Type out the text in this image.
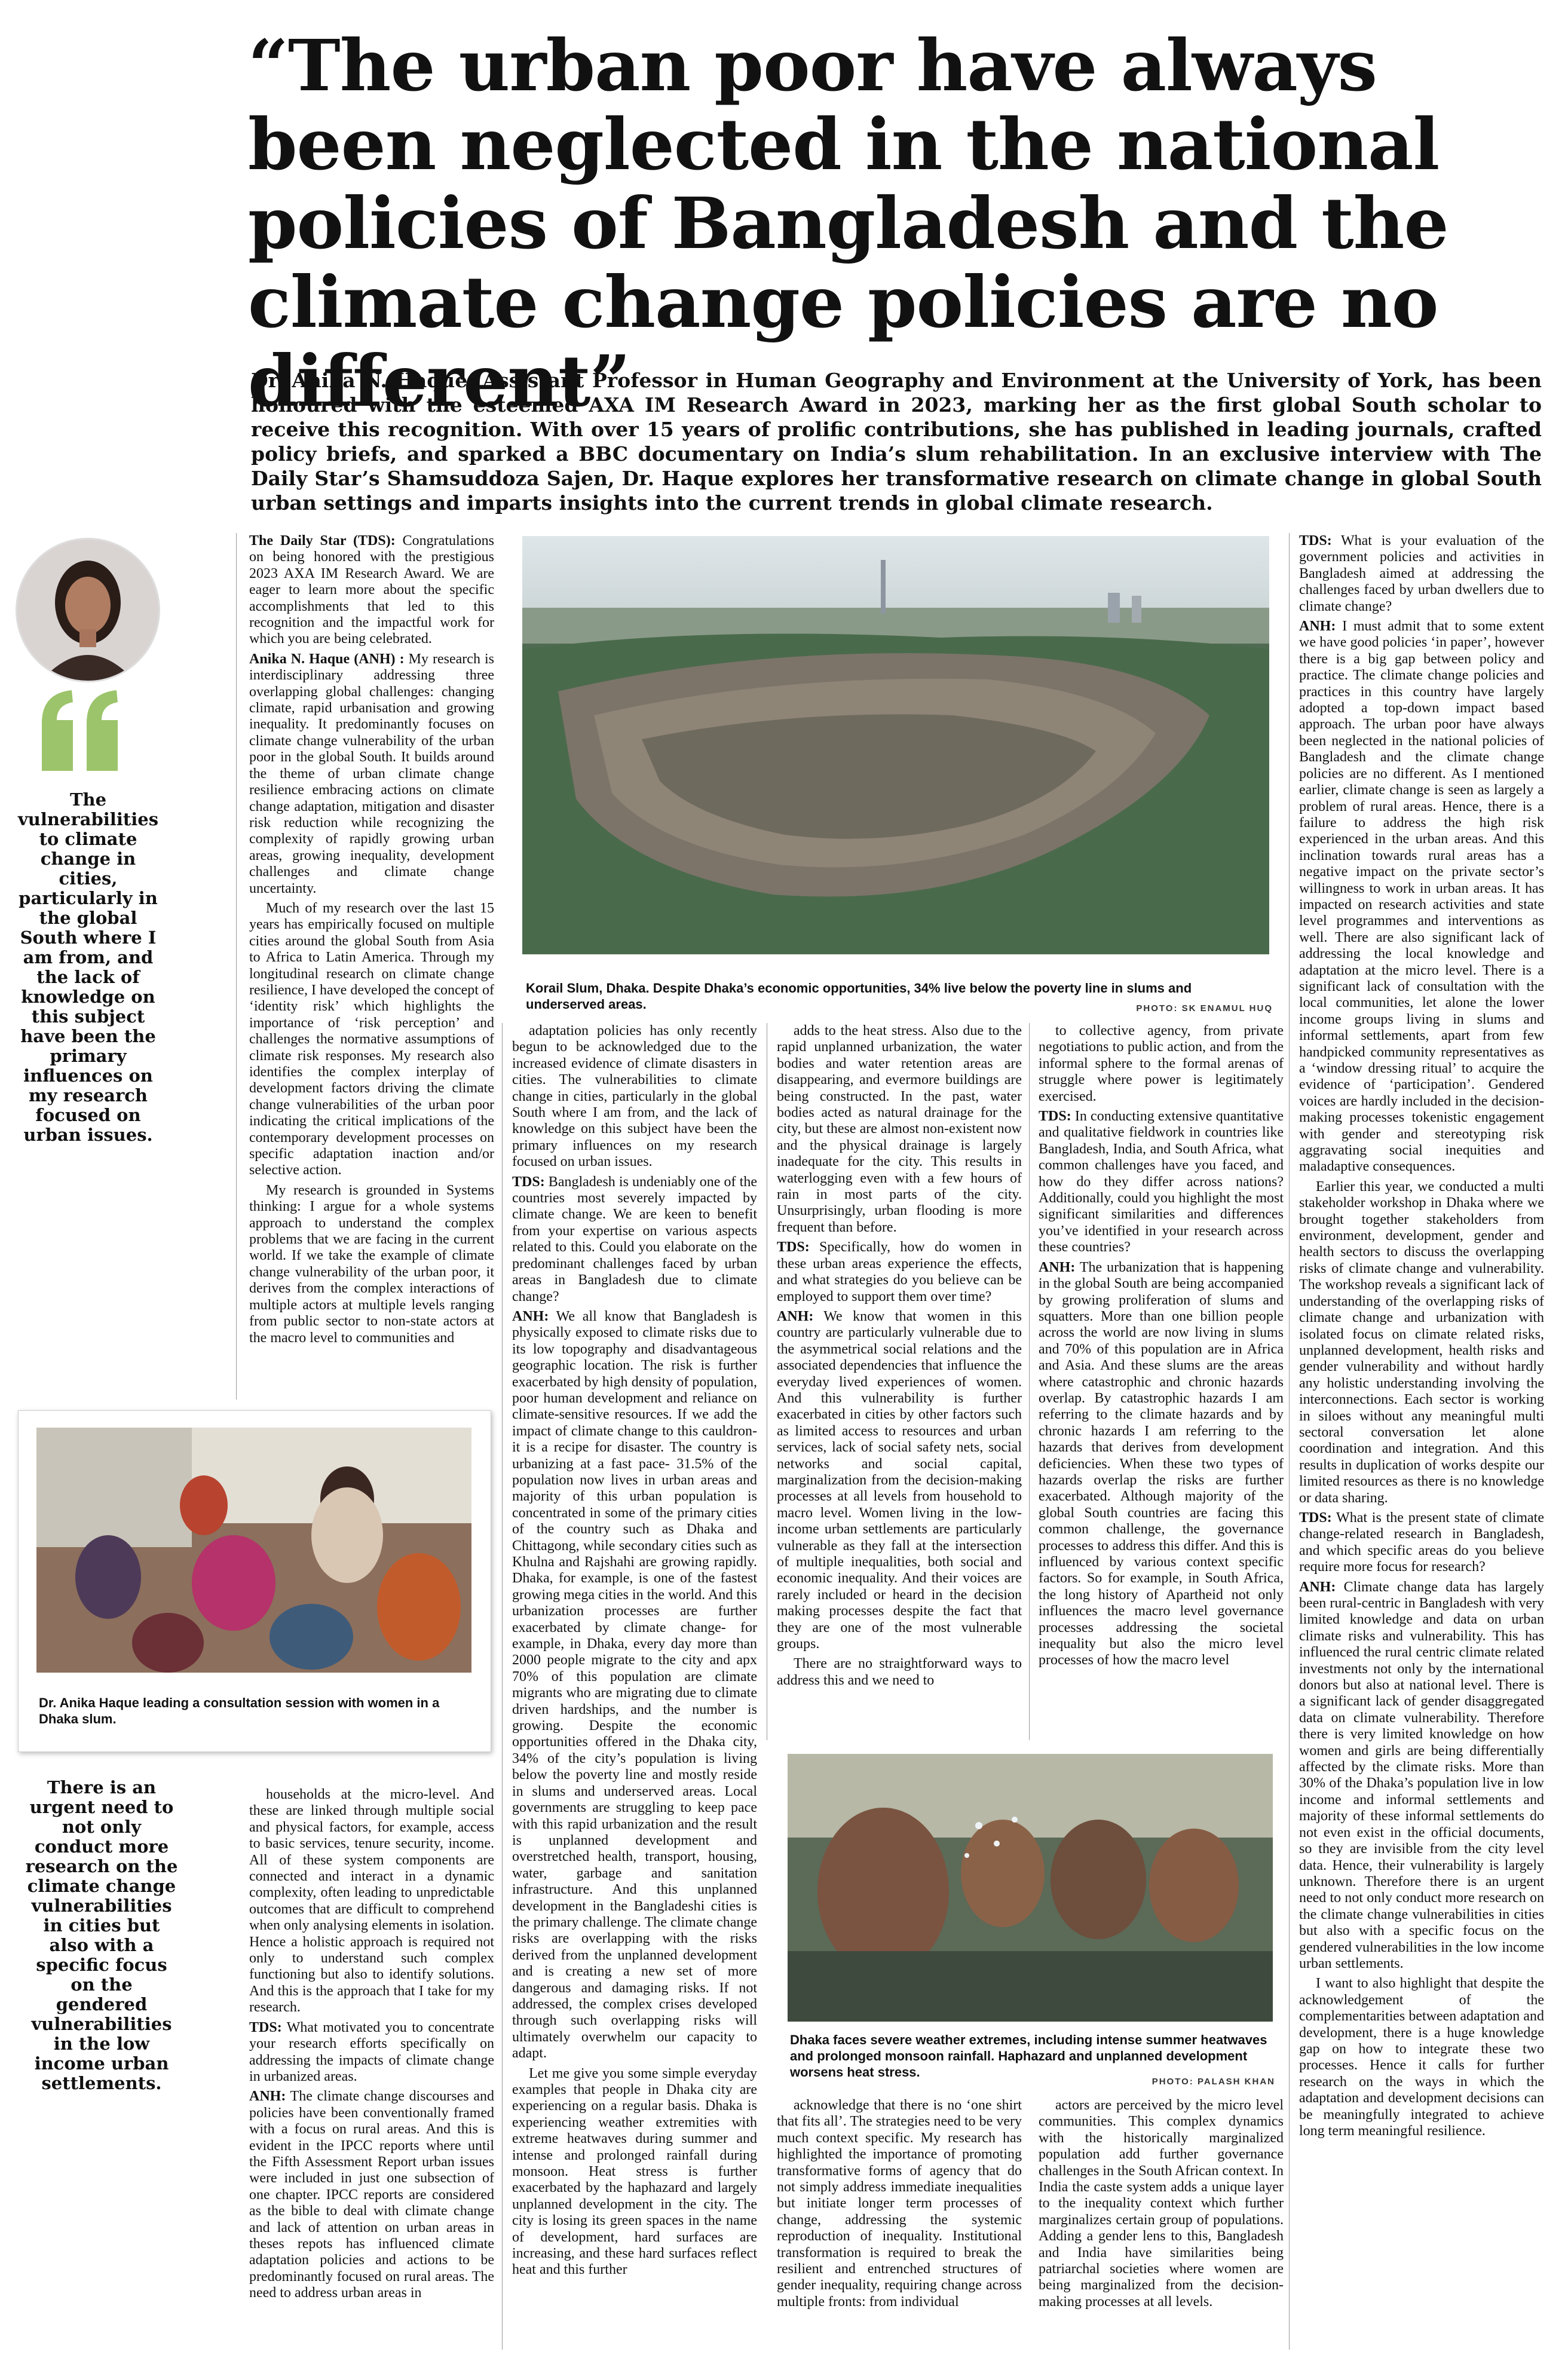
“The urban poor have always been neglected in the national policies of Bangladesh and the climate change policies are no different”
Dr. Anika N. Haque, Assistant Professor in Human Geography and Environment at the University of York, has been honoured with the esteemed AXA IM Research Award in 2023, marking her as the first global South scholar to receive this recognition. With over 15 years of prolific contributions, she has published in leading journals, crafted policy briefs, and sparked a BBC documentary on India’s slum rehabilitation. In an exclusive interview with The Daily Star’s Shamsuddoza Sajen, Dr. Haque explores her transformative research on climate change in global South urban settings and imparts insights into the current trends in global climate research.
The vulnerabilities to climate change in cities, particularly in the global South where I am from, and the lack of knowledge on this subject have been the primary influences on my research focused on urban issues.

The Daily Star (TDS): Congratulations on being honored with the prestigious 2023 AXA IM Research Award. We are eager to learn more about the specific accomplishments that led to this recognition and the impactful work for which you are being celebrated.

Anika N. Haque (ANH) : My research is interdisciplinary addressing three overlapping global challenges: changing climate, rapid urbanisation and growing inequality. It predominantly focuses on climate change vulnerability of the urban poor in the global South. It builds around the theme of urban climate change resilience embracing actions on climate change adaptation, mitigation and disaster risk reduction while recognizing the complexity of rapidly growing urban areas, growing inequality, development challenges and climate change uncertainty.

Much of my research over the last 15 years has empirically focused on multiple cities around the global South from Asia to Africa to Latin America. Through my longitudinal research on climate change resilience, I have developed the concept of ‘identity risk’ which highlights the importance of ‘risk perception’ and challenges the normative assumptions of climate risk responses. My research also identifies the complex interplay of development factors driving the climate change vulnerabilities of the urban poor indicating the critical implications of the contemporary development processes on specific adaptation inaction and/or selective action.

My research is grounded in Systems thinking: I argue for a whole systems approach to understand the complex problems that we are facing in the current world. If we take the example of climate change vulnerability of the urban poor, it derives from the complex interactions of multiple actors at multiple levels ranging from public sector to non-state actors at the macro level to communities and

Korail Slum, Dhaka. Despite Dhaka’s economic opportunities, 34% live below the poverty line in slums and underserved areas.	PHOTO: SK ENAMUL HUQ
Dr. Anika Haque leading a consultation session with women in a Dhaka slum.
There is an urgent need to not only conduct more research on the climate change vulnerabilities in cities but also with a specific focus on the gendered vulnerabilities in the low income urban settlements.

households at the micro-level. And these are linked through multiple social and physical factors, for example, access to basic services, tenure security, income. All of these system components are connected and interact in a dynamic complexity, often leading to unpredictable outcomes that are difficult to comprehend when only analysing elements in isolation. Hence a holistic approach is required not only to understand such complex functioning but also to identify solutions. And this is the approach that I take for my research.

TDS: What motivated you to concentrate your research efforts specifically on addressing the impacts of climate change in urbanized areas.

ANH: The climate change discourses and policies have been conventionally framed with a focus on rural areas. And this is evident in the IPCC reports where until the Fifth Assessment Report urban issues were included in just one subsection of one chapter. IPCC reports are considered as the bible to deal with climate change and lack of attention on urban areas in theses repots has influenced climate adaptation policies and actions to be predominantly focused on rural areas. The need to address urban areas in

adaptation policies has only recently begun to be acknowledged due to the increased evidence of climate disasters in cities. The vulnerabilities to climate change in cities, particularly in the global South where I am from, and the lack of knowledge on this subject have been the primary influences on my research focused on urban issues.

TDS: Bangladesh is undeniably one of the countries most severely impacted by climate change. We are keen to benefit from your expertise on various aspects related to this. Could you elaborate on the predominant challenges faced by urban areas in Bangladesh due to climate change?

ANH: We all know that Bangladesh is physically exposed to climate risks due to its low topography and disadvantageous geographic location. The risk is further exacerbated by high density of population, poor human development and reliance on climate-sensitive resources. If we add the impact of climate change to this cauldron- it is a recipe for disaster. The country is urbanizing at a fast pace- 31.5% of the population now lives in urban areas and majority of this urban population is concentrated in some of the primary cities of the country such as Dhaka and Chittagong, while secondary cities such as Khulna and Rajshahi are growing rapidly. Dhaka, for example, is one of the fastest growing mega cities in the world. And this urbanization processes are further exacerbated by climate change- for example, in Dhaka, every day more than 2000 people migrate to the city and apx 70% of this population are climate migrants who are migrating due to climate driven hardships, and the number is growing. Despite the economic opportunities offered in the Dhaka city, 34% of the city’s population is living below the poverty line and mostly reside in slums and underserved areas. Local governments are struggling to keep pace with this rapid urbanization and the result is unplanned development and overstretched health, transport, housing, water, garbage and sanitation infrastructure. And this unplanned development in the Bangladeshi cities is the primary challenge. The climate change risks are overlapping with the risks derived from the unplanned development and is creating a new set of more dangerous and damaging risks. If not addressed, the complex crises developed through such overlapping risks will ultimately overwhelm our capacity to adapt.

Let me give you some simple everyday examples that people in Dhaka city are experiencing on a regular basis. Dhaka is experiencing weather extremities with extreme heatwaves during summer and intense and prolonged rainfall during monsoon. Heat stress is further exacerbated by the haphazard and largely unplanned development in the city. The city is losing its green spaces in the name of development, hard surfaces are increasing, and these hard surfaces reflect heat and this further

adds to the heat stress. Also due to the rapid unplanned urbanization, the water bodies and water retention areas are disappearing, and evermore buildings are being constructed. In the past, water bodies acted as natural drainage for the city, but these are almost non-existent now and the physical drainage is largely inadequate for the city. This results in waterlogging even with a few hours of rain in most parts of the city. Unsurprisingly, urban flooding is more frequent than before.

TDS: Specifically, how do women in these urban areas experience the effects, and what strategies do you believe can be employed to support them over time?

ANH: We know that women in this country are particularly vulnerable due to the asymmetrical social relations and the associated dependencies that influence the everyday lived experiences of women. And this vulnerability is further exacerbated in cities by other factors such as limited access to resources and urban services, lack of social safety nets, social networks and social capital, marginalization from the decision-making processes at all levels from household to macro level. Women living in the low-income urban settlements are particularly vulnerable as they fall at the intersection of multiple inequalities, both social and economic inequality. And their voices are rarely included or heard in the decision making processes despite the fact that they are one of the most vulnerable groups.

There are no straightforward ways to address this and we need to

to collective agency, from private negotiations to public action, and from the informal sphere to the formal arenas of struggle where power is legitimately exercised.

TDS: In conducting extensive quantitative and qualitative fieldwork in countries like Bangladesh, India, and South Africa, what common challenges have you faced, and how do they differ across nations? Additionally, could you highlight the most significant similarities and differences you’ve identified in your research across these countries?

ANH: The urbanization that is happening in the global South are being accompanied by growing proliferation of slums and squatters. More than one billion people across the world are now living in slums and 70% of this population are in Africa and Asia. And these slums are the areas where catastrophic and chronic hazards overlap. By catastrophic hazards I am referring to the climate hazards and by chronic hazards I am referring to the hazards that derives from development deficiencies. When these two types of hazards overlap the risks are further exacerbated. Although majority of the global South countries are facing this common challenge, the governance processes to address this differ. And this is influenced by various context specific factors. So for example, in South Africa, the long history of Apartheid not only influences the macro level governance processes addressing the societal inequality but also the micro level processes of how the macro level

Dhaka faces severe weather extremes, including intense summer heatwaves and prolonged monsoon rainfall. Haphazard and unplanned development worsens heat stress.
PHOTO: PALASH KHAN

acknowledge that there is no ‘one shirt that fits all’. The strategies need to be very much context specific. My research has highlighted the importance of promoting transformative forms of agency that do not simply address immediate inequalities but initiate longer term processes of change, addressing the systemic reproduction of inequality. Institutional transformation is required to break the resilient and entrenched structures of gender inequality, requiring change across multiple fronts: from individual

actors are perceived by the micro level communities. This complex dynamics with the historically marginalized population add further governance challenges in the South African context. In India the caste system adds a unique layer to the inequality context which further marginalizes certain group of populations. Adding a gender lens to this, Bangladesh and India have similarities being patriarchal societies where women are being marginalized from the decision-making processes at all levels.

TDS: What is your evaluation of the government policies and activities in Bangladesh aimed at addressing the challenges faced by urban dwellers due to climate change?

ANH: I must admit that to some extent we have good policies ‘in paper’, however there is a big gap between policy and practice. The climate change policies and practices in this country have largely adopted a top-down impact based approach. The urban poor have always been neglected in the national policies of Bangladesh and the climate change policies are no different. As I mentioned earlier, climate change is seen as largely a problem of rural areas. Hence, there is a failure to address the high risk experienced in the urban areas. And this inclination towards rural areas has a negative impact on the private sector’s willingness to work in urban areas. It has impacted on research activities and state level programmes and interventions as well. There are also significant lack of addressing the local knowledge and adaptation at the micro level. There is a significant lack of consultation with the local communities, let alone the lower income groups living in slums and informal settlements, apart from few handpicked community representatives as a ‘window dressing ritual’ to acquire the evidence of ‘participation’. Gendered voices are hardly included in the decision-making processes tokenistic engagement with gender and stereotyping risk aggravating social inequities and maladaptive consequences.

Earlier this year, we conducted a multi stakeholder workshop in Dhaka where we brought together stakeholders from environment, development, gender and health sectors to discuss the overlapping risks of climate change and vulnerability. The workshop reveals a significant lack of understanding of the overlapping risks of climate change and urbanization with isolated focus on climate related risks, unplanned development, health risks and gender vulnerability and without hardly any holistic understanding involving the interconnections. Each sector is working in siloes without any meaningful multi sectoral conversation let alone coordination and integration. And this results in duplication of works despite our limited resources as there is no knowledge or data sharing.

TDS: What is the present state of climate change-related research in Bangladesh, and which specific areas do you believe require more focus for research?

ANH: Climate change data has largely been rural-centric in Bangladesh with very limited knowledge and data on urban climate risks and vulnerability. This has influenced the rural centric climate related investments not only by the international donors but also at national level. There is a significant lack of gender disaggregated data on climate vulnerability. Therefore there is very limited knowledge on how women and girls are being differentially affected by the climate risks. More than 30% of the Dhaka’s population live in low income and informal settlements and majority of these informal settlements do not even exist in the official documents, so they are invisible from the city level data. Hence, their vulnerability is largely unknown. Therefore there is an urgent need to not only conduct more research on the climate change vulnerabilities in cities but also with a specific focus on the gendered vulnerabilities in the low income urban settlements.

I want to also highlight that despite the acknowledgement of the complementarities between adaptation and development, there is a huge knowledge gap on how to integrate these two processes. Hence it calls for further research on the ways in which the adaptation and development decisions can be meaningfully integrated to achieve long term meaningful resilience.
